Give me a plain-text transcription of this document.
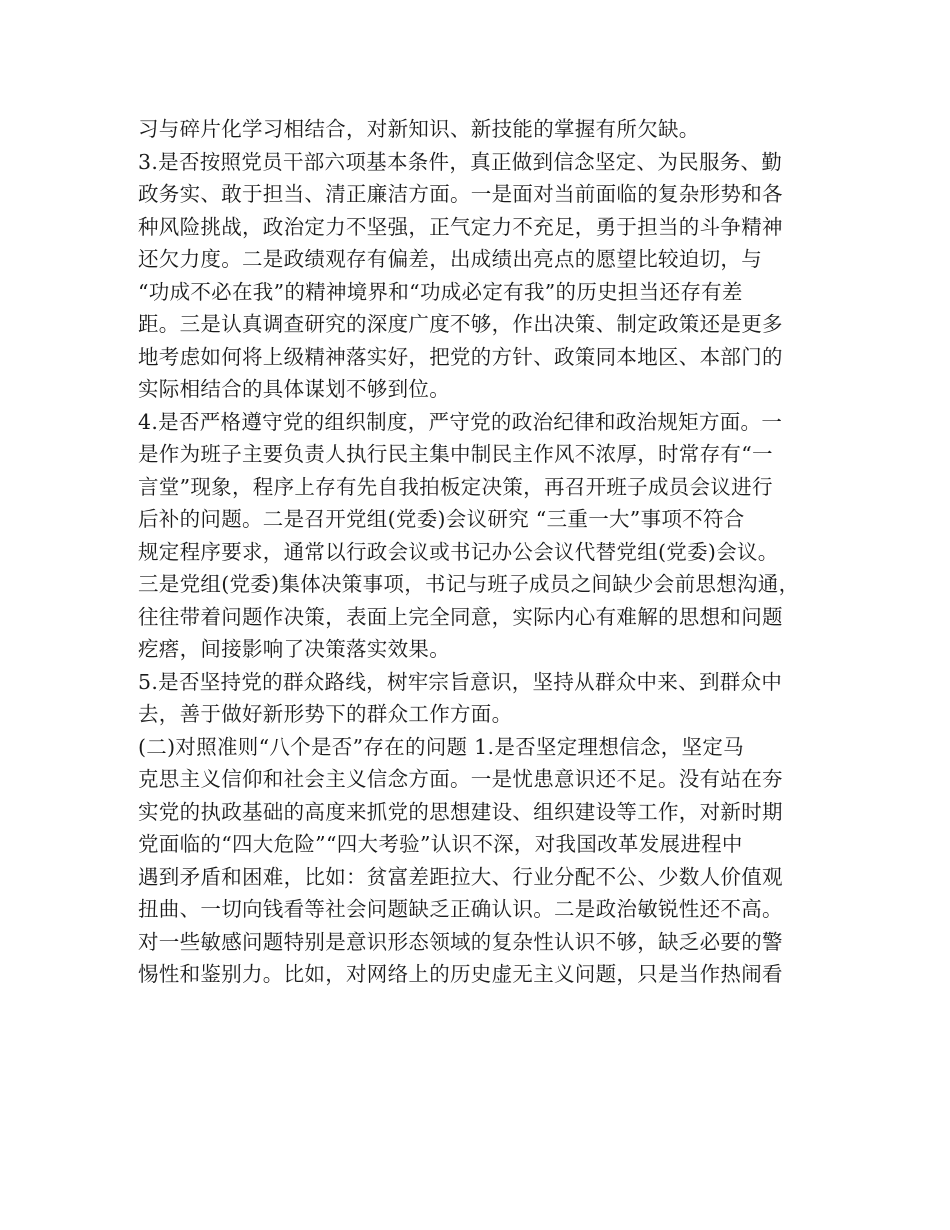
习与碎片化学习相结合，对新知识、新技能的掌握有所欠缺。
3.是否按照党员干部六项基本条件，真正做到信念坚定、为民服务、勤
政务实、敢于担当、清正廉洁方面。一是面对当前面临的复杂形势和各
种风险挑战，政治定力不坚强，正气定力不充足，勇于担当的斗争精神
还欠力度。二是政绩观存有偏差，出成绩出亮点的愿望比较迫切，与
“功成不必在我”的精神境界和“功成必定有我”的历史担当还存有差
距。三是认真调查研究的深度广度不够，作出决策、制定政策还是更多
地考虑如何将上级精神落实好，把党的方针、政策同本地区、本部门的
实际相结合的具体谋划不够到位。
4.是否严格遵守党的组织制度，严守党的政治纪律和政治规矩方面。一
是作为班子主要负责人执行民主集中制民主作风不浓厚，时常存有“一
言堂”现象，程序上存有先自我拍板定决策，再召开班子成员会议进行
后补的问题。二是召开党组(党委)会议研究 “三重一大”事项不符合
规定程序要求，通常以行政会议或书记办公会议代替党组(党委)会议。
三是党组(党委)集体决策事项，书记与班子成员之间缺少会前思想沟通，
往往带着问题作决策，表面上完全同意，实际内心有难解的思想和问题
疙瘩，间接影响了决策落实效果。
5.是否坚持党的群众路线，树牢宗旨意识，坚持从群众中来、到群众中
去，善于做好新形势下的群众工作方面。
(二)对照准则“八个是否”存在的问题 1.是否坚定理想信念，坚定马
克思主义信仰和社会主义信念方面。一是忧患意识还不足。没有站在夯
实党的执政基础的高度来抓党的思想建设、组织建设等工作，对新时期
党面临的“四大危险”“四大考验”认识不深，对我国改革发展进程中
遇到矛盾和困难，比如：贫富差距拉大、行业分配不公、少数人价值观
扭曲、一切向钱看等社会问题缺乏正确认识。二是政治敏锐性还不高。
对一些敏感问题特别是意识形态领域的复杂性认识不够，缺乏必要的警
惕性和鉴别力。比如，对网络上的历史虚无主义问题，只是当作热闹看
